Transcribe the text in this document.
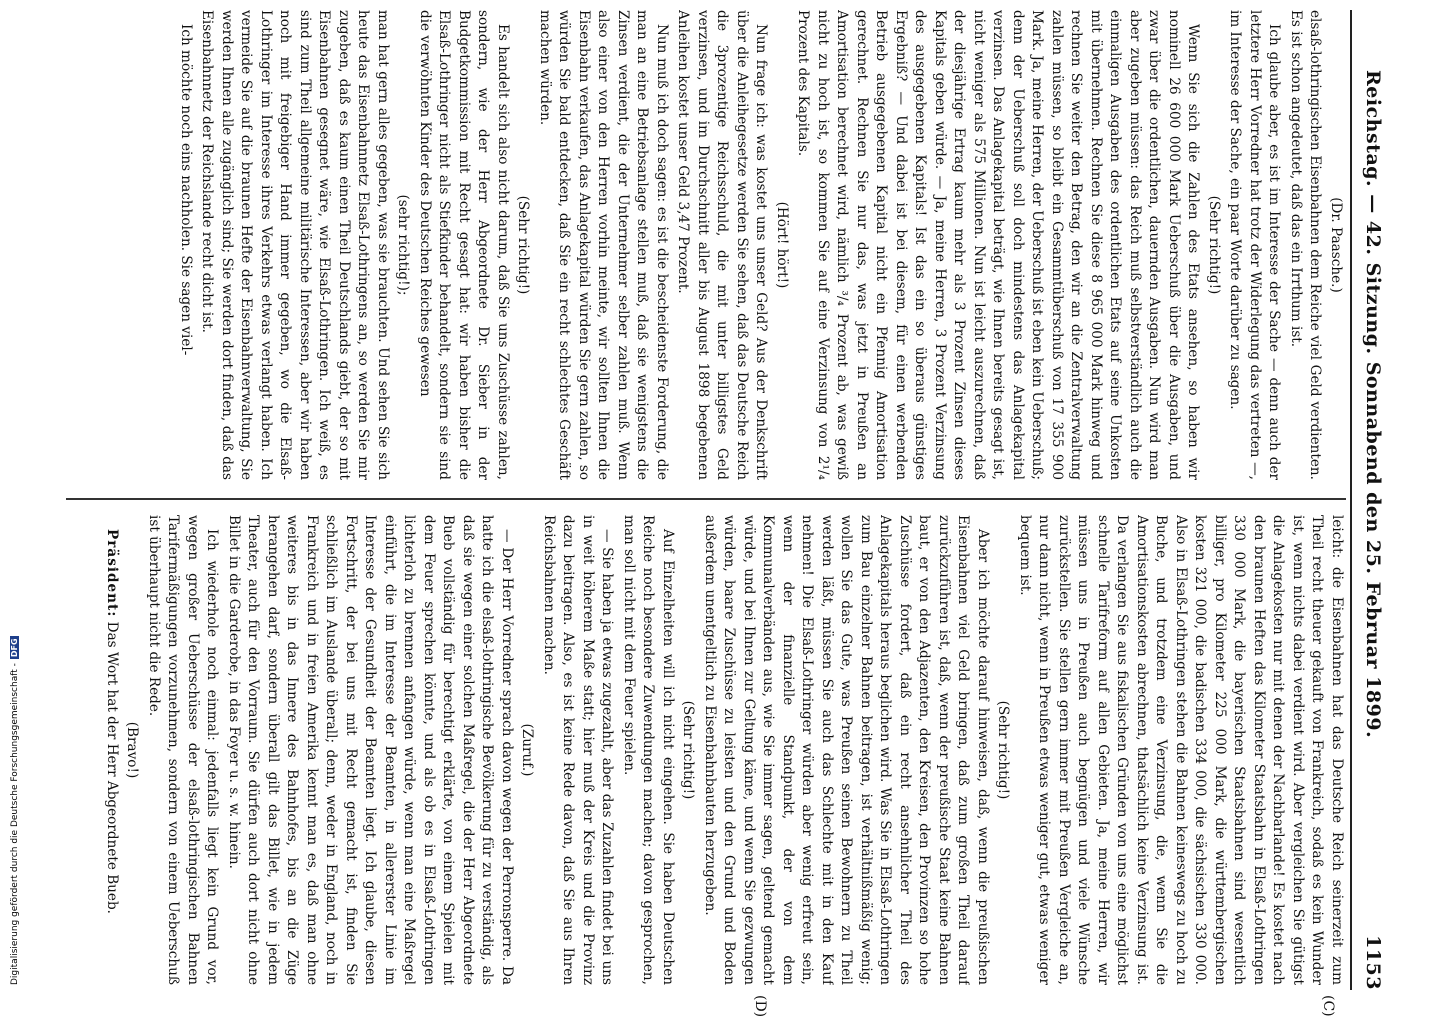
Digitalisierung gefördert durch die Deutsche Forschungsgemeinschaft -DFG	Reichstag. — 42. Sitzung. Sonnabend den 25. Februar 1899.
1153
(C)
(D)

(Dr. Paasche.)

elsaß-lothringischen Eisenbahnen dem Reiche viel Geld verdienten. Es ist schon angedeutet, daß das ein Irrthum ist.

Ich glaube aber, es ist im Interesse der Sache — denn auch der letztere Herr Vorredner hat trotz der Widerlegung das vertreten —, im Interesse der Sache, ein paar Worte darüber zu sagen.

(Sehr richtig!)

Wenn Sie sich die Zahlen des Etats ansehen, so haben wir nominell 26 600 000 Mark Ueberschuß über die Ausgaben, und zwar über die ordentlichen, dauernden Ausgaben. Nun wird man aber zugeben müssen: das Reich muß selbstverständlich auch die einmaligen Ausgaben des ordentlichen Etats auf seine Unkosten mit übernehmen. Rechnen Sie diese 8 965 000 Mark hinweg und rechnen Sie weiter den Betrag, den wir an die Zentralverwaltung zahlen müssen, so bleibt ein Gesammtüberschuß von 17 355 900 Mark. Ja, meine Herren, der Ueberschuß ist eben kein Ueberschuß; denn der Ueberschuß soll doch mindestens das Anlagekapital verzinsen. Das Anlagekapital beträgt, wie Ihnen bereits gesagt ist, nicht weniger als 575 Millionen. Nun ist leicht auszurechnen, daß der diesjährige Ertrag kaum mehr als 3 Prozent Zinsen dieses Kapitals geben würde. — Ja, meine Herren, 3 Prozent Verzinsung des ausgegebenen Kapitals! Ist das ein so überaus günstiges Ergebniß? — Und dabei ist bei diesem, für einen werbenden Betrieb ausgegebenen Kapital nicht ein Pfennig Amortisation gerechnet. Rechnen Sie nur das, was jetzt in Preußen an Amortisation berechnet wird, nämlich ³/₄ Prozent ab, was gewiß nicht zu hoch ist, so kommen Sie auf eine Verzinsung von 2¹/₄ Prozent des Kapitals.

(Hört! hört!)

Nun frage ich: was kostet uns unser Geld? Aus der Denkschrift über die Anleihegesetze werden Sie sehen, daß das Deutsche Reich die 3prozentige Reichsschuld, die mit unter billigstes Geld verzinsen, und im Durchschnitt aller bis August 1898 begebenen Anleihen kostet unser Geld 3,47 Prozent.

Nun muß ich doch sagen: es ist die bescheidenste Forderung, die man an eine Betriebsanlage stellen muß, daß sie wenigstens die Zinsen verdient, die der Unternehmer selber zahlen muß. Wenn also einer von den Herren vorhin meinte, wir sollten Ihnen die Eisenbahn verkaufen, das Anlagekapital würden Sie gern zahlen, so würden Sie bald entdecken, daß Sie ein recht schlechtes Geschäft machen würden.

(Sehr richtig!)

Es handelt sich also nicht darum, daß Sie uns Zuschüsse zahlen, sondern, wie der Herr Abgeordnete Dr. Sieber in der Budgetkommission mit Recht gesagt hat: wir haben bisher die Elsaß-Lothringer nicht als Stiefkinder behandelt, sondern sie sind die verwöhnten Kinder des Deutschen Reiches gewesen

(sehr richtig!);

man hat gern alles gegeben, was sie brauchten. Und sehen Sie sich heute das Eisenbahnnetz Elsaß-Lothringens an, so werden Sie mir zugeben, daß es kaum einen Theil Deutschlands giebt, der so mit Eisenbahnen gesegnet wäre, wie Elsaß-Lothringen. Ich weiß, es sind zum Theil allgemeine militärische Interessen, aber wir haben noch mit freigebiger Hand immer gegeben, wo die Elsaß-Lothringer im Interesse ihres Verkehrs etwas verlangt haben. Ich vermeide Sie auf die braunen Hefte der Eisenbahnverwaltung, Sie werden Ihnen alle zugänglich sind; Sie werden dort finden, daß das Eisenbahnnetz der Reichslande recht dicht ist.

Ich möchte noch eins nachholen. Sie sagen viel-

leicht: die Eisenbahnen hat das Deutsche Reich seinerzeit zum Theil recht theuer gekauft von Frankreich, sodaß es kein Wunder ist, wenn nichts dabei verdient wird. Aber vergleichen Sie gütigst die Anlagekosten nur mit denen der Nachbarlande! Es kostet nach den braunen Heften das Kilometer Staatsbahn in Elsaß-Lothringen 330 000 Mark, die bayerischen Staatsbahnen sind wesentlich billiger, pro Kilometer 225 000 Mark, die württembergischen kosten 321 000, die badischen 334 000, die sächsischen 330 000. Also in Elsaß-Lothringen stehen die Bahnen keineswegs zu hoch zu Buche, und trotzdem eine Verzinsung, die, wenn Sie die Amortisationskosten abrechnen, thatsächlich keine Verzinsung ist. Da verlangen Sie aus fiskalischen Gründen von uns eine möglichst schnelle Tarifreform auf allen Gebieten. Ja, meine Herren, wir müssen uns in Preußen auch begnügen und viele Wünsche zurückstellen. Sie stellen gern immer mit Preußen Vergleiche an, nur dann nicht, wenn in Preußen etwas weniger gut, etwas weniger bequem ist.

(Sehr richtig!)

Aber ich möchte darauf hinweisen, daß, wenn die preußischen Eisenbahnen viel Geld bringen, daß zum großen Theil darauf zurückzuführen ist, daß, wenn der preußische Staat keine Bahnen baut, er von den Adjazenten, den Kreisen, den Provinzen so hohe Zuschüsse fordert, daß ein recht ansehnlicher Theil des Anlagekapitals heraus beglichen wird. Was Sie in Elsaß-Lothringen zum Bau einzelner Bahnen beitragen, ist verhältnißmäßig wenig; wollen Sie das Gute, was Preußen seinen Bewohnern zu Theil werden läßt, müssen Sie auch das Schlechte mit in den Kauf nehmen! Die Elsaß-Lothringer würden aber wenig erfreut sein, wenn der finanzielle Standpunkt, der von dem Kommunalverbänden aus, wie Sie immer sagen, geltend gemacht würde, und bei Ihnen zur Geltung käme, und wenn Sie gezwungen würden, baare Zuschüsse zu leisten und den Grund und Boden außerdem unentgeltlich zu Eisenbahnbauten herzugeben.

(Sehr richtig!)

Auf Einzelheiten will ich nicht eingehen. Sie haben Deutschen Reiche noch besondere Zuwendungen machen; davon gesprochen, man soll nicht mit dem Feuer spielen.

— Sie haben ja etwas zugezahlt, aber das Zuzahlen findet bei uns in weit höherem Maße statt; hier muß der Kreis und die Provinz dazu beitragen. Also, es ist keine Rede davon, daß Sie aus Ihren Reichsbahnen machen.

(Zuruf.)

— Der Herr Vorredner sprach davon wegen der Perronsperre. Da hatte ich die elsaß-lothringische Bevölkerung für zu verständig, als daß sie wegen einer solchen Maßregel, die der Herr Abgeordnete Bueb vollständig für berechtigt erklärte, von einem Spielen mit dem Feuer sprechen könnte, und als ob es in Elsaß-Lothringen lichterloh zu brennen anfangen würde, wenn man eine Maßregel einführt, die im Interesse der Beamten, in allererster Linie im Interesse der Gesundheit der Beamten liegt. Ich glaube, diesen Fortschritt, der bei uns mit Recht gemacht ist, finden Sie schließlich im Auslande überall; denn, weder in England, noch in Frankreich und in freien Amerika kennt man es, daß man ohne weiteres bis in das Innere des Bahnhofes, bis an die Züge herangehen darf, sondern überall gilt das Billet, wie in jedem Theater, auch für den Vorraum. Sie dürfen auch dort nicht ohne Billet in die Garderobe, in das Foyer u. s. w. hinein.

Ich wiederhole noch einmal: jedenfalls liegt kein Grund vor, wegen großer Ueberschüsse der elsaß-lothringischen Bahnen Tarifermäßigungen vorzunehmen, sondern von einem Ueberschuß ist überhaupt nicht die Rede.

(Bravo!)

Präsident: Das Wort hat der Herr Abgeordnete Bueb.
